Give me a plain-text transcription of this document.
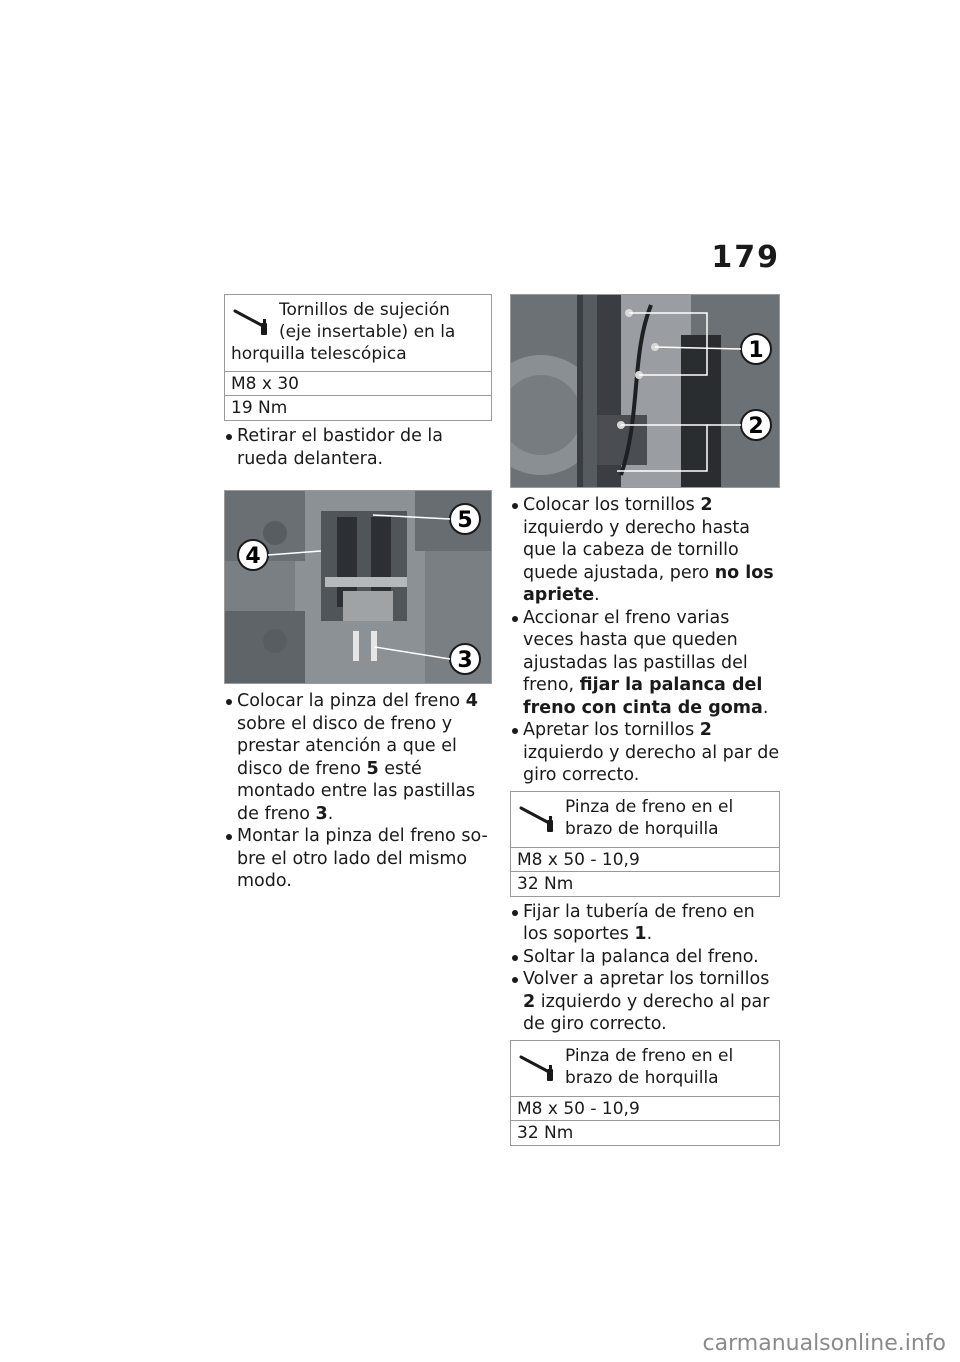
179
Tornillos de sujeción (eje insertable) en la horquilla telescópica
M8 x 30
19 Nm
Retirar el bastidor de la rueda delantera.
4
5
3
Colocar la pinza del freno 4 sobre el disco de freno y prestar atención a que el disco de freno 5 esté montado entre las pastillas de freno 3.
Montar la pinza del freno so-bre el otro lado del mismo modo.
1
2
Colocar los tornillos 2 izquierdo y derecho hasta que la cabeza de tornillo quede ajustada, pero no los apriete.
Accionar el freno varias veces hasta que queden ajustadas las pastillas del freno, fijar la palanca del freno con cinta de goma.
Apretar los tornillos 2 izquierdo y derecho al par de giro correcto.
Pinza de freno en el brazo de horquilla
M8 x 50 - 10,9
32 Nm
Fijar la tubería de freno en los soportes 1.
Soltar la palanca del freno.
Volver a apretar los tornillos 2 izquierdo y derecho al par de giro correcto.
Pinza de freno en el brazo de horquilla
M8 x 50 - 10,9
32 Nm
carmanualsonline.info
